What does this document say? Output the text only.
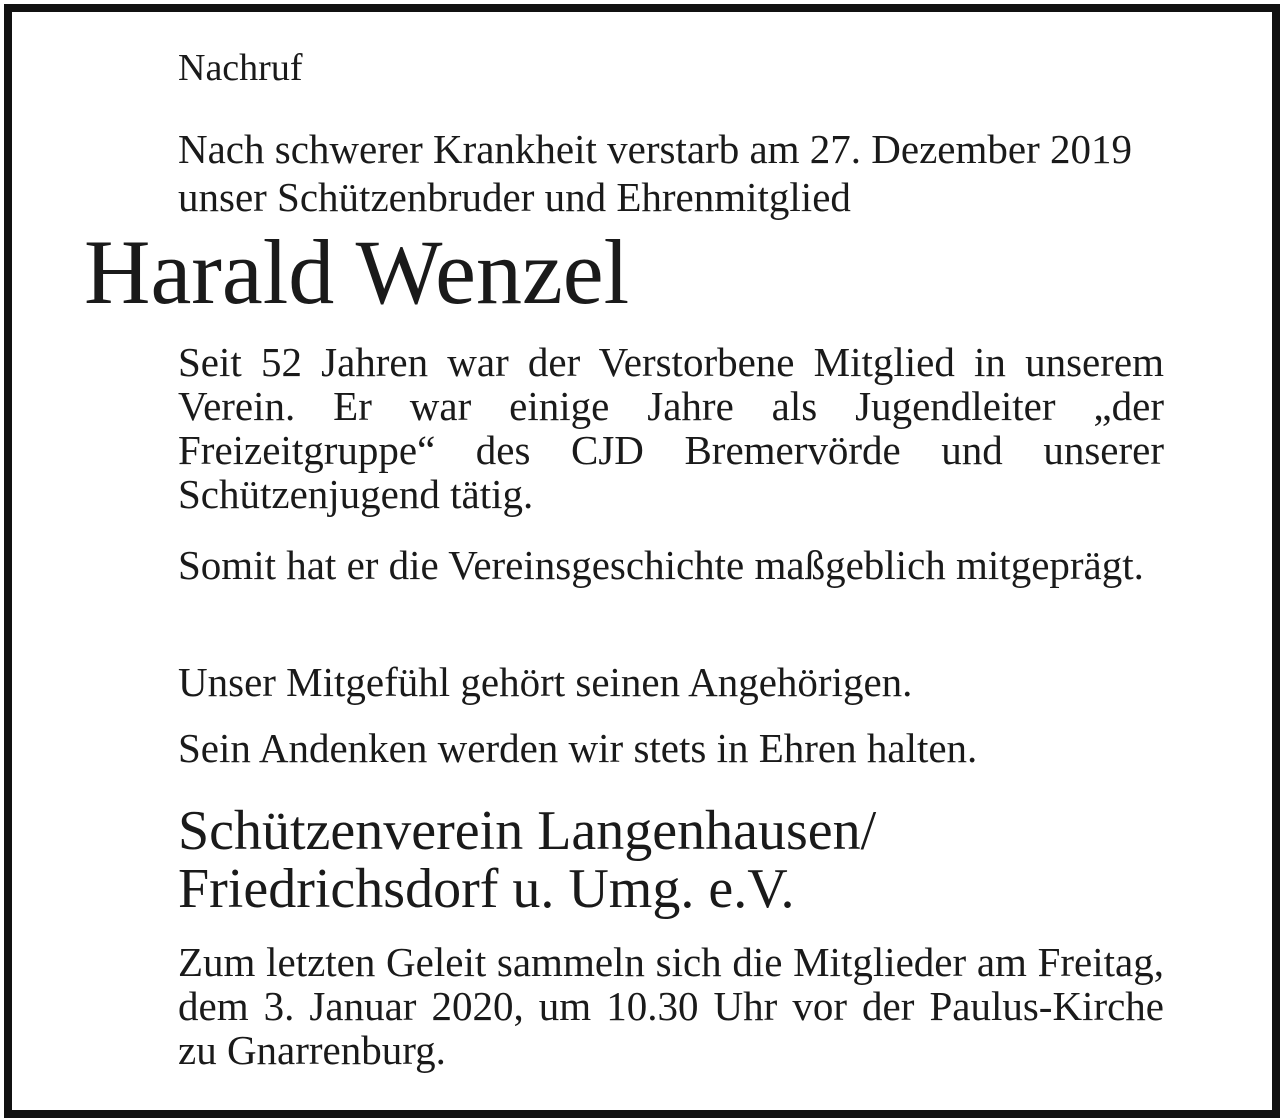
Nachruf

Nach schwerer Krankheit verstarb am 27. Dezember 2019 unser Schützenbruder und Ehrenmitglied

Harald Wenzel

Seit 52 Jahren war der Verstorbene Mitglied in unserem Verein. Er war einige Jahre als Jugendleiter „der Freizeitgruppe“ des CJD Bremervörde und unserer Schützenjugend tätig.

Somit hat er die Vereinsgeschichte maßgeblich mitgeprägt.

Unser Mitgefühl gehört seinen Angehörigen.

Sein Andenken werden wir stets in Ehren halten.

Schützenverein Langenhausen/
Friedrichsdorf u. Umg. e.V.

Zum letzten Geleit sammeln sich die Mitglieder am Freitag, dem 3. Januar 2020, um 10.30 Uhr vor der Paulus-Kirche zu Gnarrenburg.
